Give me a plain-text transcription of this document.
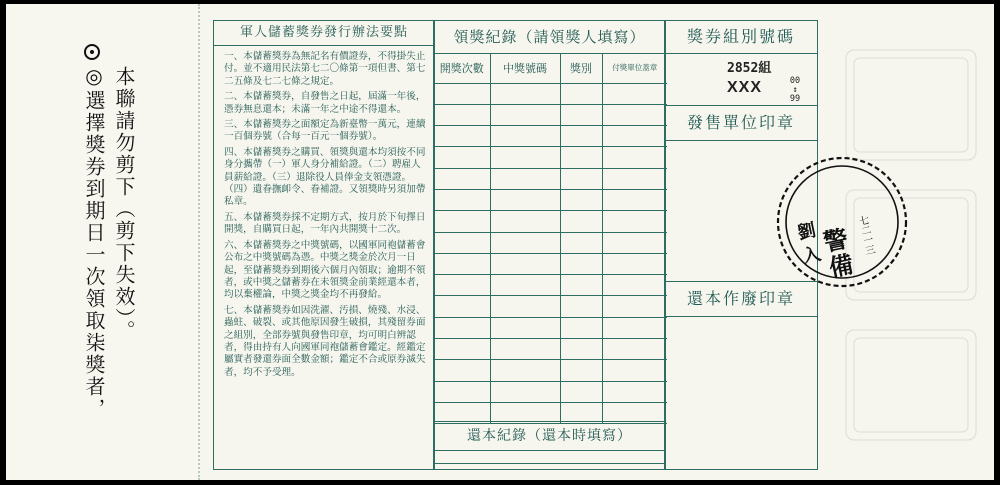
◎選擇獎券到期日一次領取柒獎者， 本聯請勿剪下（剪下失效）。
軍人儲蓄獎券發行辦法要點
一、本儲蓄獎券為無記名有價證券，不得掛失止付。並不適用民法第七二〇條第一項但書、第七二五條及七二七條之規定。
二、本儲蓄獎券，自發售之日起，屆滿一年後，憑券無息還本；未滿一年之中途不得還本。
三、本儲蓄獎券之面額定為新臺幣一萬元，連續一百個券號（合每一百元一個券號）。
四、本儲蓄獎券之購買、領獎與還本均須按不同身分攜帶（一）軍人身分補給證。（二）聘雇人員薪給證。（三）退除役人員俸金支領憑證。（四）遺眷撫卹令、眷補證。又領獎時另須加帶私章。
五、本儲蓄獎券採不定期方式，按月於下旬擇日開獎，自購買日起，一年內共開獎十二次。
六、本儲蓄獎券之中獎號碼，以國軍同袍儲蓄會公布之中獎號碼為憑。中獎之獎金於次月一日起，至儲蓄獎券到期後六個月內領取；逾期不領者，或中獎之儲蓄券在未領獎金前業經還本者，均以棄權論，中獎之獎金均不再發給。
七、本儲蓄獎券如因洗濯、汚損、燒殘、水浸、蟲蛀、破裂、或其他原因發生破損，其殘留券面之組別，全部券號與發售印章，均可明白辨認者，得由持有人向國軍同袍儲蓄會鑑定。經鑑定屬實者發還券面全數金額；鑑定不合或原券滅失者，均不予受理。
領獎紀錄（請領獎人填寫）
開獎次數	中獎號碼	獎別	付獎單位蓋章

還本紀錄（還本時填寫）
獎券組別號碼
2852組
XXX	00
↕
99
發售單位印章
還本作廢印章
警備
劉 入	七二一三
